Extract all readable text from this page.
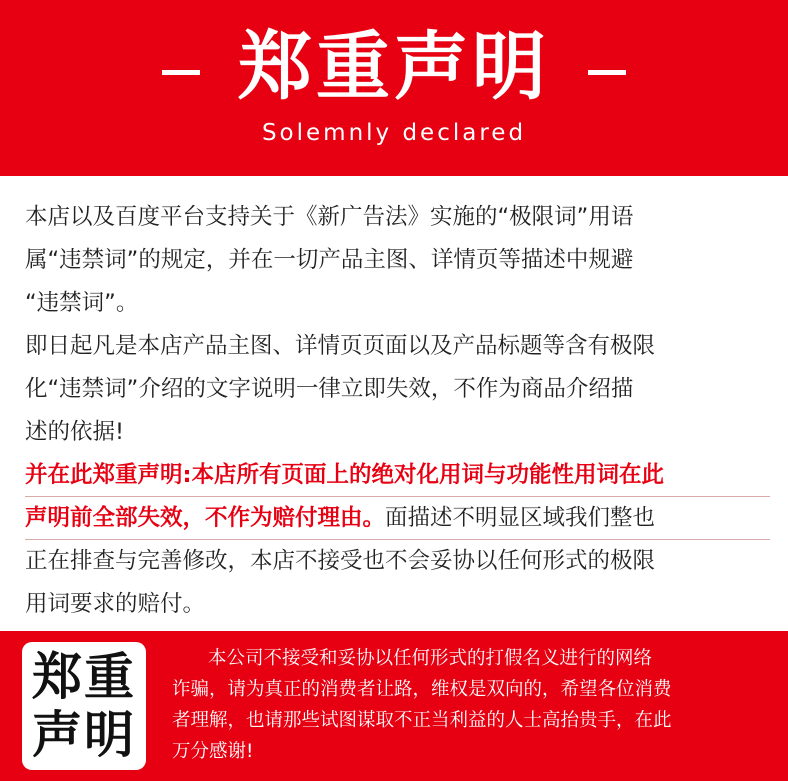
郑重声明
Solemnly declared
本店以及百度平台支持关于《新广告法》实施的“极限词”用语
属“违禁词”的规定，并在一切产品主图、详情页等描述中规避
“违禁词”。
即日起凡是本店产品主图、详情页页面以及产品标题等含有极限
化“违禁词”介绍的文字说明一律立即失效，不作为商品介绍描
述的依据!
并在此郑重声明:本店所有页面上的绝对化用词与功能性用词在此
声明前全部失效，不作为赔付理由。面描述不明显区域我们整也
正在排查与完善修改，本店不接受也不会妥协以任何形式的极限
用词要求的赔付。
郑重
声明
本公司不接受和妥协以任何形式的打假名义进行的网络
诈骗，请为真正的消费者让路，维权是双向的，希望各位消费
者理解，也请那些试图谋取不正当利益的人士高抬贵手，在此
万分感谢!
